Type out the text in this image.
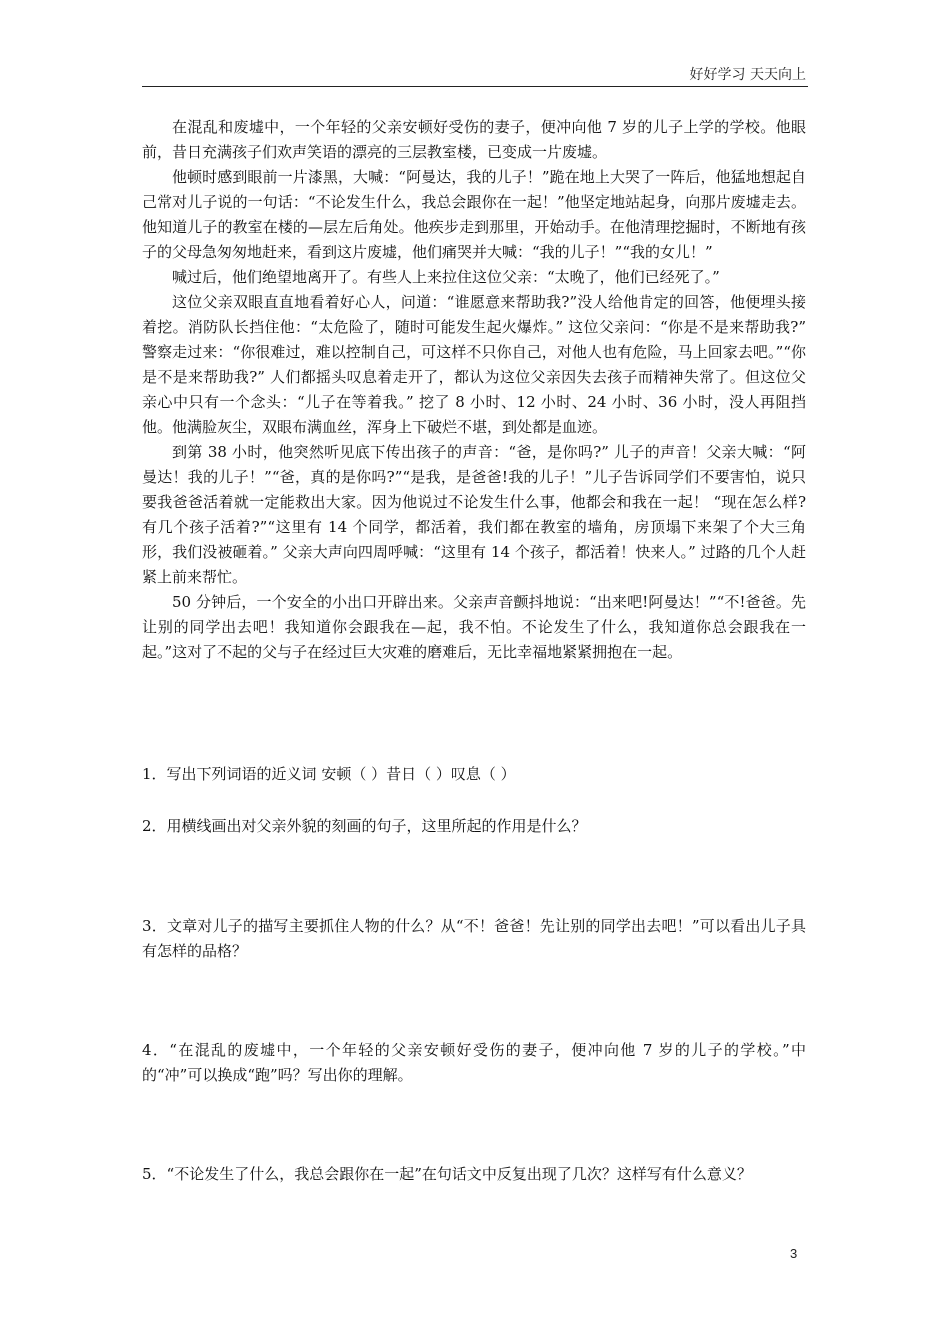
好好学习 天天向上

在混乱和废墟中，一个年轻的父亲安顿好受伤的妻子，便冲向他 7 岁的儿子上学的学校。他眼前，昔日充满孩子们欢声笑语的漂亮的三层教室楼，已变成一片废墟。

他顿时感到眼前一片漆黑，大喊：“阿曼达，我的儿子！”跪在地上大哭了一阵后，他猛地想起自己常对儿子说的一句话：“不论发生什么，我总会跟你在一起！”他坚定地站起身，向那片废墟走去。他知道儿子的教室在楼的—层左后角处。他疾步走到那里，开始动手。在他清理挖掘时，不断地有孩子的父母急匆匆地赶来，看到这片废墟，他们痛哭并大喊：“我的儿子！”“我的女儿！”

喊过后，他们绝望地离开了。有些人上来拉住这位父亲：“太晚了，他们已经死了。”

这位父亲双眼直直地看着好心人，问道：“谁愿意来帮助我?”没人给他肯定的回答，他便埋头接着挖。消防队长挡住他：“太危险了，随时可能发生起火爆炸。” 这位父亲问：“你是不是来帮助我?” 警察走过来：“你很难过，难以控制自己，可这样不只你自己，对他人也有危险，马上回家去吧。”“你是不是来帮助我?” 人们都摇头叹息着走开了，都认为这位父亲因失去孩子而精神失常了。但这位父亲心中只有一个念头：“儿子在等着我。” 挖了 8 小时、12 小时、24 小时、36 小时，没人再阻挡他。他满脸灰尘，双眼布满血丝，浑身上下破烂不堪，到处都是血迹。

到第 38 小时，他突然听见底下传出孩子的声音：“爸，是你吗?” 儿子的声音！父亲大喊：“阿曼达！我的儿子！”“爸，真的是你吗?”“是我，是爸爸!我的儿子！”儿子告诉同学们不要害怕，说只要我爸爸活着就一定能救出大家。因为他说过不论发生什么事，他都会和我在一起！ “现在怎么样?有几个孩子活着?”“这里有 14 个同学，都活着，我们都在教室的墙角，房顶塌下来架了个大三角形，我们没被砸着。” 父亲大声向四周呼喊：“这里有 14 个孩子，都活着！快来人。” 过路的几个人赶紧上前来帮忙。

50 分钟后，一个安全的小出口开辟出来。父亲声音颤抖地说：“出来吧!阿曼达！”“不!爸爸。先让别的同学出去吧！我知道你会跟我在—起，我不怕。不论发生了什么，我知道你总会跟我在一起。”这对了不起的父与子在经过巨大灾难的磨难后，无比幸福地紧紧拥抱在一起。

1．写出下列词语的近义词 安顿（ ）昔日（ ）叹息（ ）

2．用横线画出对父亲外貌的刻画的句子，这里所起的作用是什么？

3．文章对儿子的描写主要抓住人物的什么？从“不！爸爸！先让别的同学出去吧！”可以看出儿子具有怎样的品格？

4．“在混乱的废墟中，一个年轻的父亲安顿好受伤的妻子，便冲向他 7 岁的儿子的学校。”中的“冲”可以换成“跑”吗？写出你的理解。

5．“不论发生了什么，我总会跟你在一起”在句话文中反复出现了几次？这样写有什么意义？

3
